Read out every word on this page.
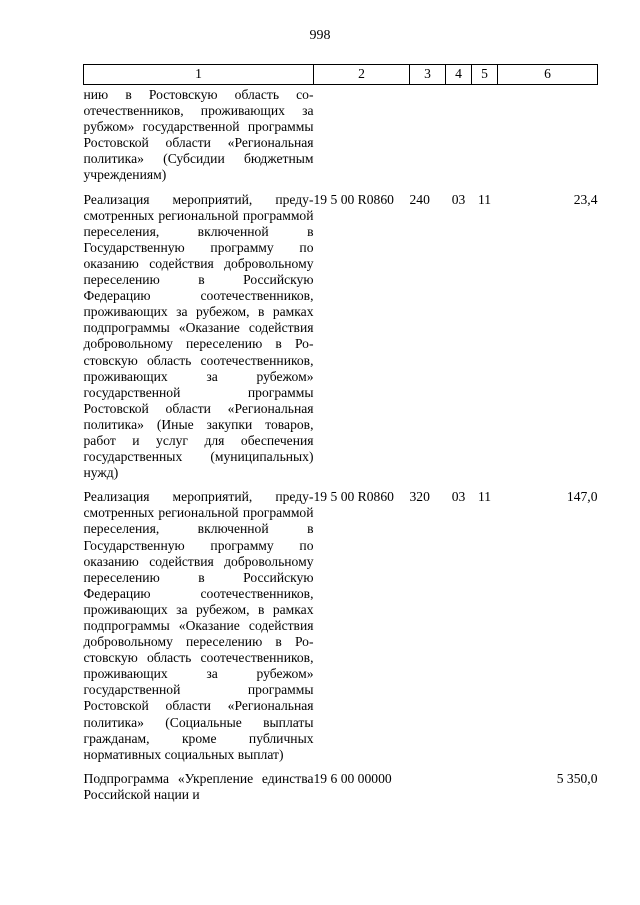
998
1	2	3	4	5	6
нию в Ростовскую область соотечественников, проживающих за рубжом» государственной программы Ростовской области «Региональная политика» (Субсидии бюджетным учреждениям)					
Реализация мероприятий, предусмотренных региональной программой переселения, включенной в Государственную программу по оказанию содействия добровольному переселению в Российскую Федерацию соотечественников, проживающих за рубежом, в рамках подпрограммы «Оказание содействия добровольному переселению в Ростовскую область соотечественников, проживающих за рубежом» государственной программы Ростовской области «Региональная политика» (Иные закупки товаров, работ и услуг для обеспечения государственных (муниципальных) нужд)	19 5 00 R0860	240	03	11	23,4
Реализация мероприятий, предусмотренных региональной программой переселения, включенной в Государственную программу по оказанию содействия добровольному переселению в Российскую Федерацию соотечественников, проживающих за рубежом, в рамках подпрограммы «Оказание содействия добровольному переселению в Ростовскую область соотечественников, проживающих за рубежом» государственной программы Ростовской области «Региональная политика» (Социальные выплаты гражданам, кроме публичных нормативных социальных выплат)	19 5 00 R0860	320	03	11	147,0
Подпрограмма «Укрепление единства Российской нации и	19 6 00 00000				5 350,0
